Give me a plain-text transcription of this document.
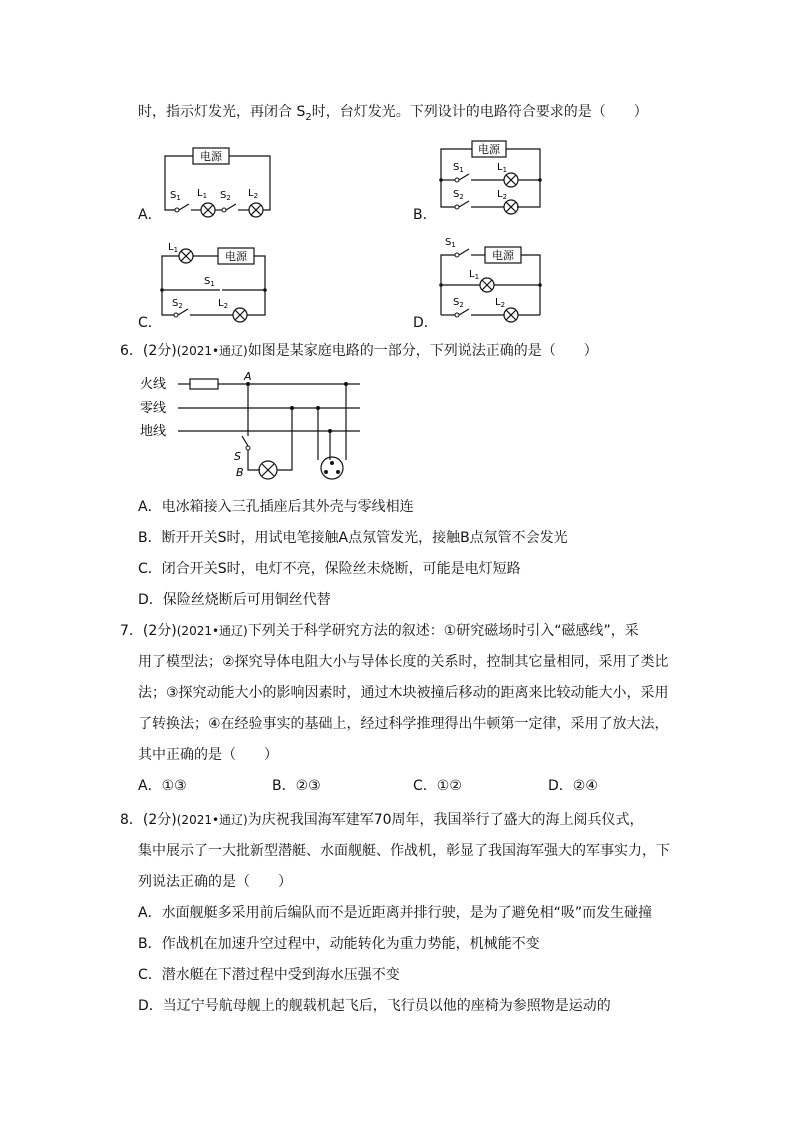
时，指示灯发光，再闭合 $S_2$时，台灯发光。下列设计的电路符合要求的是（　　）
A．
电源
$S_1$ $L_1$ $S_2$ $L_2$
B．
电源
$S_1$	$L_1$
$S_2$	$L_2$
C．
电源
$L_1$
$S_1$
$S_2$	$L_2$
D．
电源
$S_1$
$L_1$
$S_2$	$L_2$
6．(2分)(2021•通辽)如图是某家庭电路的一部分，下列说法正确的是（　　）
火线
零线
地线
A
S
B
A．电冰箱接入三孔插座后其外壳与零线相连
B．断开开关S时，用试电笔接触A点氖管发光，接触B点氖管不会发光
C．闭合开关S时，电灯不亮，保险丝未烧断，可能是电灯短路
D．保险丝烧断后可用铜丝代替
7．(2分)(2021•通辽)下列关于科学研究方法的叙述：①研究磁场时引入“磁感线”，采
用了模型法；②探究导体电阻大小与导体长度的关系时，控制其它量相同，采用了类比
法；③探究动能大小的影响因素时，通过木块被撞后移动的距离来比较动能大小，采用
了转换法；④在经验事实的基础上，经过科学推理得出牛顿第一定律，采用了放大法，
其中正确的是（　　）
A．①③	B．②③	C．①②	D．②④
8．(2分)(2021•通辽)为庆祝我国海军建军70周年，我国举行了盛大的海上阅兵仪式，
集中展示了一大批新型潜艇、水面舰艇、作战机，彰显了我国海军强大的军事实力，下
列说法正确的是（　　）
A．水面舰艇多采用前后编队而不是近距离并排行驶，是为了避免相“吸”而发生碰撞
B．作战机在加速升空过程中，动能转化为重力势能，机械能不变
C．潜水艇在下潜过程中受到海水压强不变
D．当辽宁号航母舰上的舰载机起飞后，飞行员以他的座椅为参照物是运动的
